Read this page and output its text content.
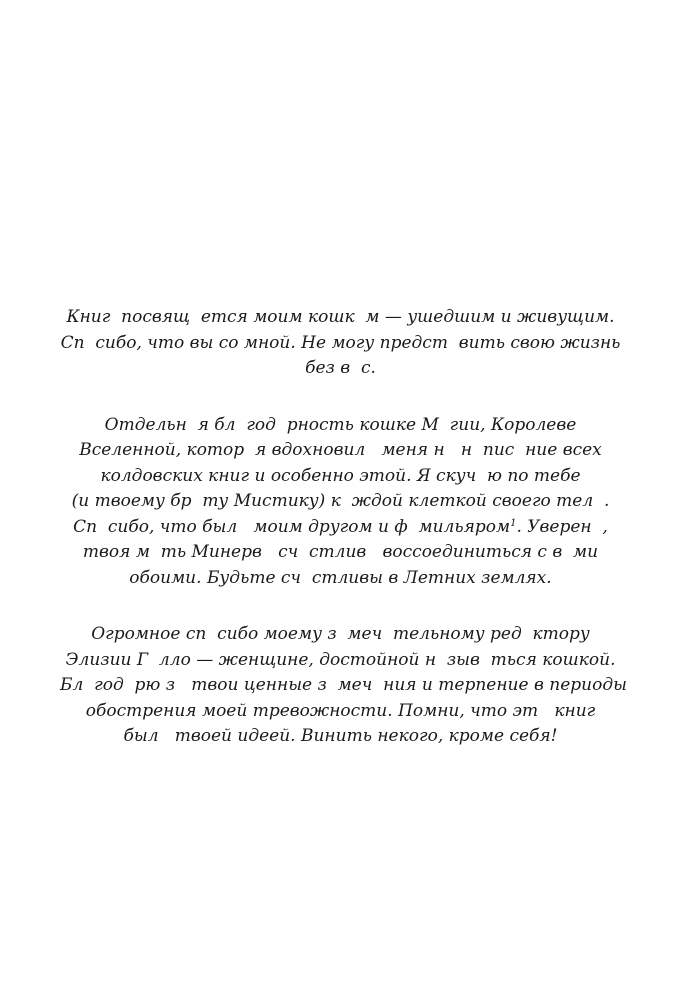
Книг  посвящ  ется моим кошк  м — ушедшим и живущим.
Сп  сибо, что вы со мной. Не могу предст  вить свою жизнь
без в  с.

Отдельн  я бл  год  рность кошке М  гии, Королеве
Вселенной, котор  я вдохновил   меня н   н  пис  ние всех
колдовских книг и особенно этой. Я скуч  ю по тебе
(и твоему бр  ту Мистику) к  ждой клеткой своего тел  .
Сп  сибо, что был   моим другом и ф  мильяром$^1$. Уверен  ,
твоя м  ть Минерв   сч  стлив   воссоединиться с в  ми
обоими. Будьте сч  стливы в Летних землях.

Огромное сп  сибо моему з  меч  тельному ред  ктору
Элизии Г  лло — женщине, достойной н  зыв  ться кошкой.
Бл  год  рю з   твои ценные з  меч  ния и терпение в периоды
обострения моей тревожности. Помни, что эт   книг
был   твоей идеей. Винить некого, кроме себя!
